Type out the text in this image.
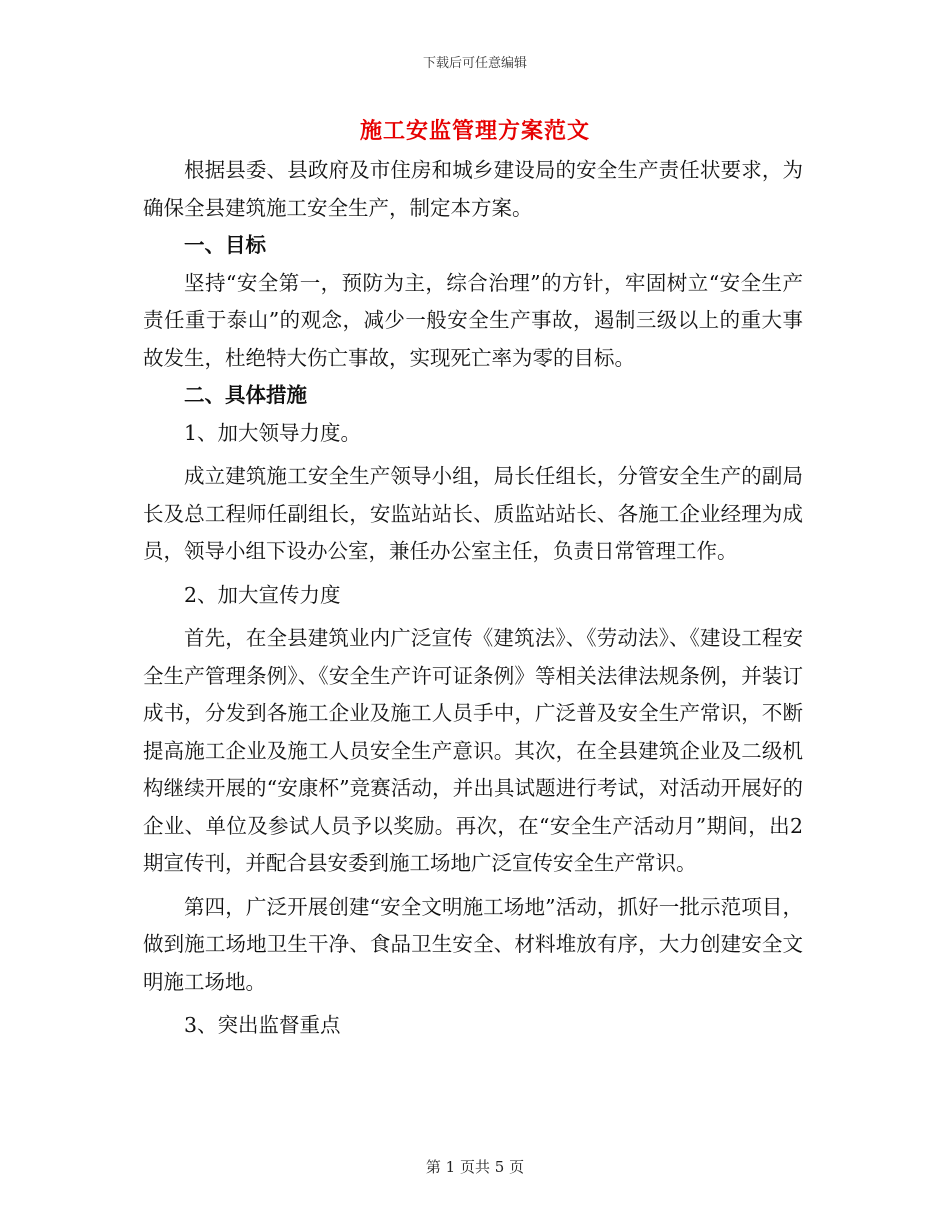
下载后可任意编辑
施工安监管理方案范文

根据县委、县政府及市住房和城乡建设局的安全生产责任状要求，为确保全县建筑施工安全生产，制定本方案。

一、目标

坚持“安全第一，预防为主，综合治理”的方针，牢固树立“安全生产责任重于泰山”的观念，减少一般安全生产事故，遏制三级以上的重大事故发生，杜绝特大伤亡事故，实现死亡率为零的目标。

二、具体措施

1、加大领导力度。

成立建筑施工安全生产领导小组，局长任组长，分管安全生产的副局长及总工程师任副组长，安监站站长、质监站站长、各施工企业经理为成员，领导小组下设办公室，兼任办公室主任，负责日常管理工作。

2、加大宣传力度

首先，在全县建筑业内广泛宣传《建筑法》、《劳动法》、《建设工程安全生产管理条例》、《安全生产许可证条例》等相关法律法规条例，并装订成书，分发到各施工企业及施工人员手中，广泛普及安全生产常识，不断提高施工企业及施工人员安全生产意识。其次，在全县建筑企业及二级机构继续开展的“安康杯”竞赛活动，并出具试题进行考试，对活动开展好的企业、单位及参试人员予以奖励。再次，在“安全生产活动月”期间，出2期宣传刊，并配合县安委到施工场地广泛宣传安全生产常识。

第四，广泛开展创建“安全文明施工场地”活动，抓好一批示范项目，做到施工场地卫生干净、食品卫生安全、材料堆放有序，大力创建安全文明施工场地。

3、突出监督重点

第 1 页共 5 页
